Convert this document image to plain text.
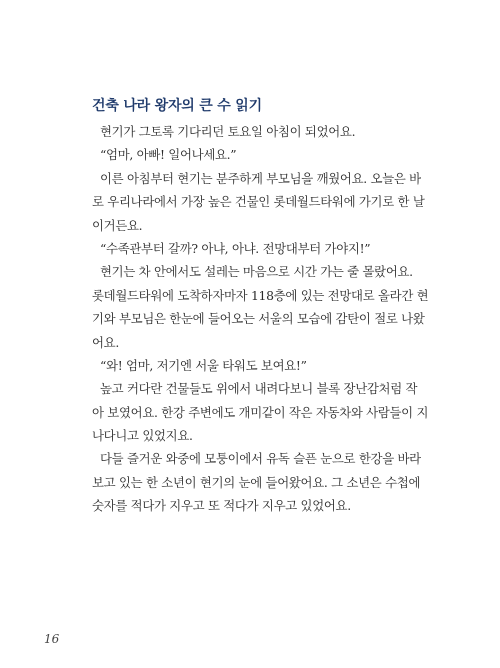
건축 나라 왕자의 큰 수 읽기
현기가 그토록 기다리던 토요일 아침이 되었어요.
“엄마, 아빠! 일어나세요.”
이른 아침부터 현기는 분주하게 부모님을 깨웠어요. 오늘은 바
로 우리나라에서 가장 높은 건물인 롯데월드타워에 가기로 한 날
이거든요.
“수족관부터 갈까? 아냐, 아냐. 전망대부터 가야지!”
현기는 차 안에서도 설레는 마음으로 시간 가는 줄 몰랐어요.
롯데월드타워에 도착하자마자 118층에 있는 전망대로 올라간 현
기와 부모님은 한눈에 들어오는 서울의 모습에 감탄이 절로 나왔
어요.
“와! 엄마, 저기엔 서울 타워도 보여요!”
높고 커다란 건물들도 위에서 내려다보니 블록 장난감처럼 작
아 보였어요. 한강 주변에도 개미같이 작은 자동차와 사람들이 지
나다니고 있었지요.
다들 즐거운 와중에 모퉁이에서 유독 슬픈 눈으로 한강을 바라
보고 있는 한 소년이 현기의 눈에 들어왔어요. 그 소년은 수첩에
숫자를 적다가 지우고 또 적다가 지우고 있었어요.
16
